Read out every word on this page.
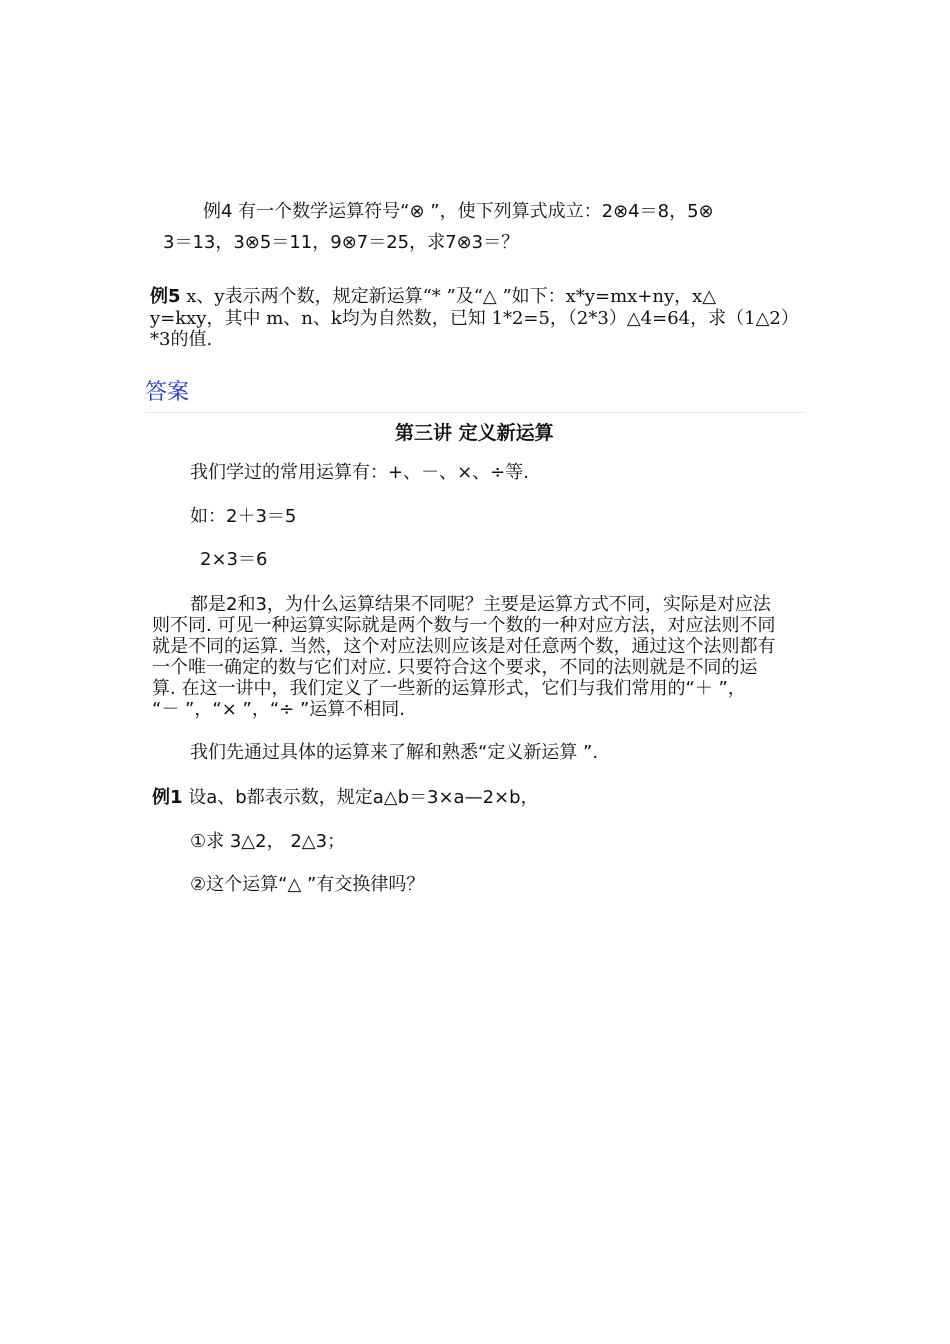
例4 有一个数学运算符号“⊗ ”，使下列算式成立：2⊗4＝8，5⊗
3＝13，3⊗5＝11，9⊗7＝25，求7⊗3＝？
例5 x、y表示两个数，规定新运算“* ”及“△ ”如下：x*y=mx+ny，x△
y=kxy，其中 m、n、k均为自然数，已知 1*2=5，（2*3）△4=64，求（1△2）
*3的值.
答案
第三讲 定义新运算
我们学过的常用运算有：+、－、×、÷等.
如：2＋3＝5
2×3＝6
都是2和3，为什么运算结果不同呢？主要是运算方式不同，实际是对应法
则不同. 可见一种运算实际就是两个数与一个数的一种对应方法，对应法则不同
就是不同的运算. 当然，这个对应法则应该是对任意两个数，通过这个法则都有
一个唯一确定的数与它们对应. 只要符合这个要求，不同的法则就是不同的运
算. 在这一讲中，我们定义了一些新的运算形式，它们与我们常用的“＋ ”，
“－ ”，“× ”，“÷ ”运算不相同.
我们先通过具体的运算来了解和熟悉“定义新运算 ”.
例1 设a、b都表示数，规定a△b＝3×a—2×b，
①求 3△2， 2△3；
②这个运算“△ ”有交换律吗？
